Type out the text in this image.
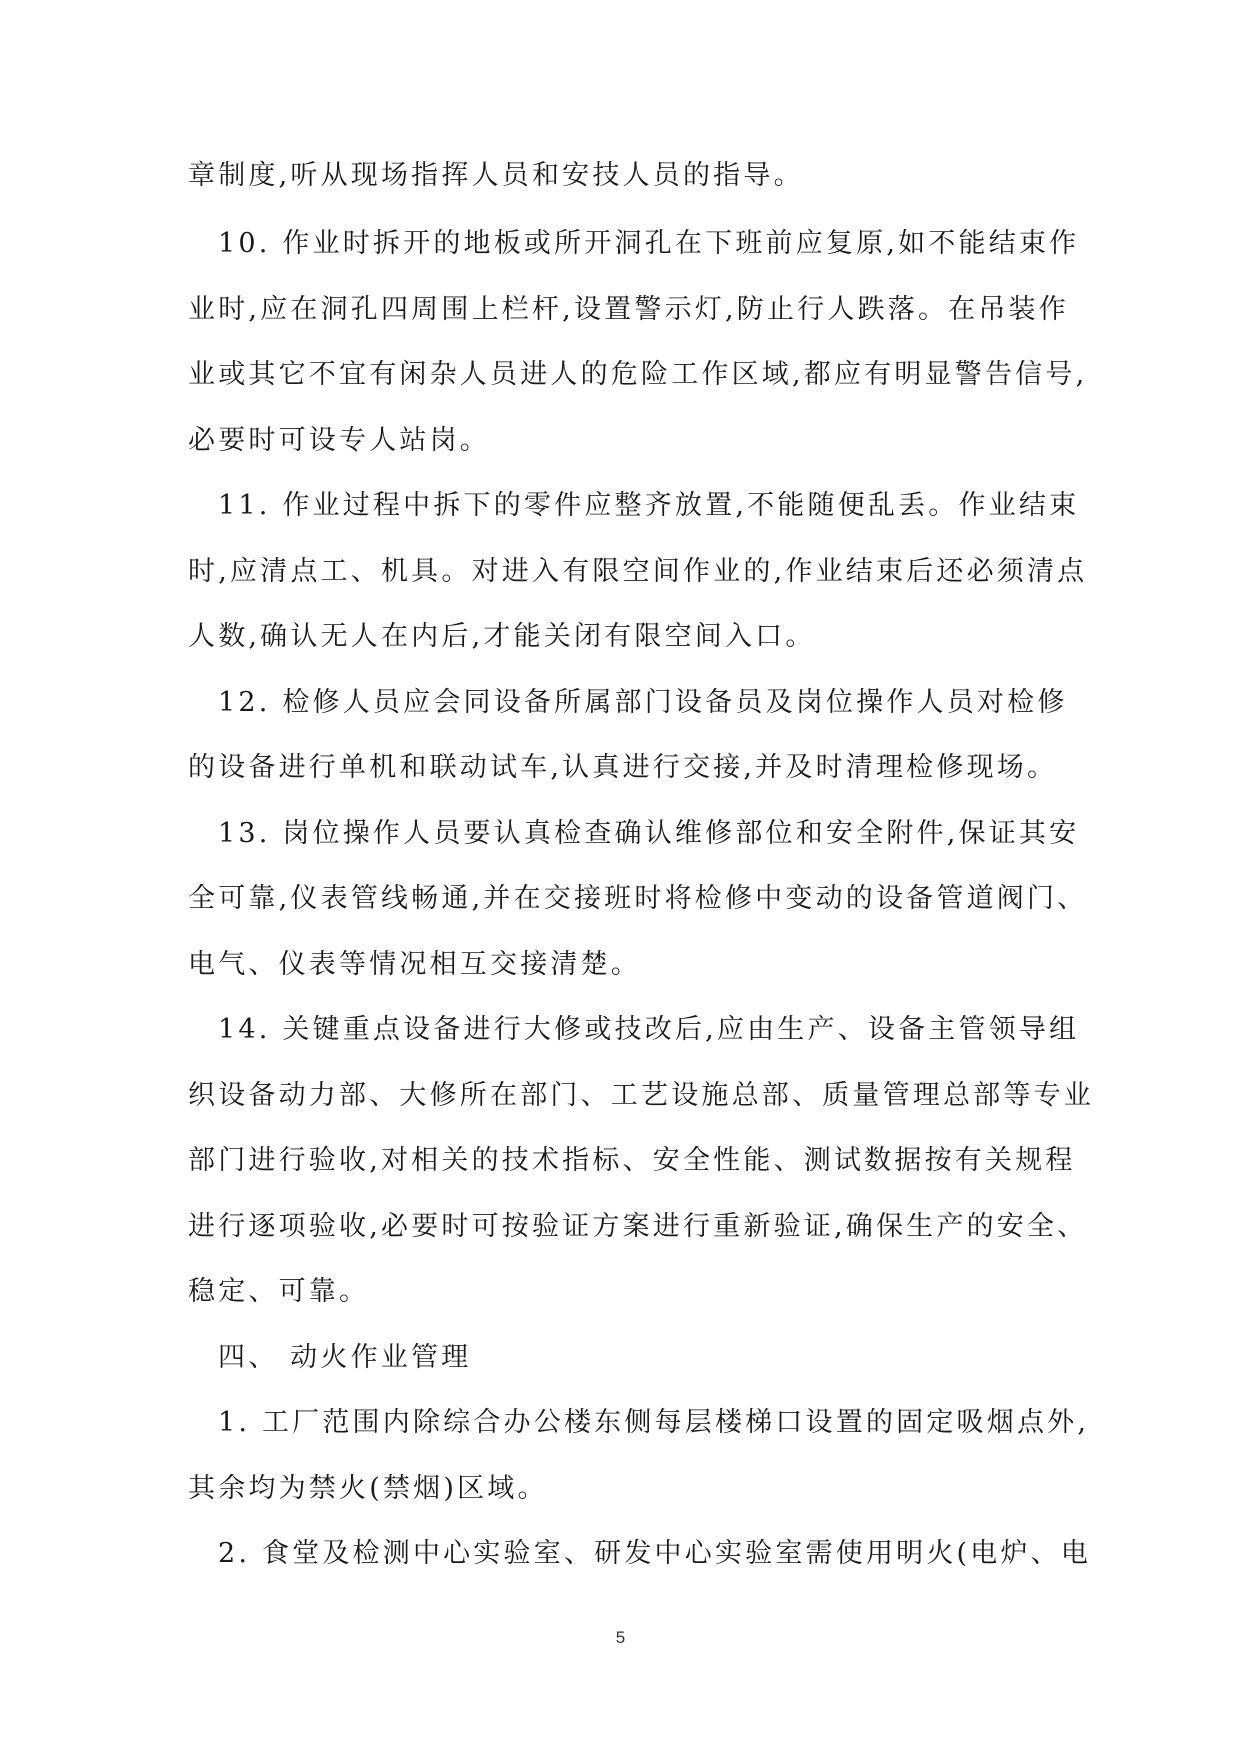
章制度,听从现场指挥人员和安技人员的指导。
10. 作业时拆开的地板或所开洞孔在下班前应复原,如不能结束作
业时,应在洞孔四周围上栏杆,设置警示灯,防止行人跌落。在吊装作
业或其它不宜有闲杂人员进人的危险工作区域,都应有明显警告信号,
必要时可设专人站岗。
11. 作业过程中拆下的零件应整齐放置,不能随便乱丢。作业结束
时,应清点工、机具。对进入有限空间作业的,作业结束后还必须清点
人数,确认无人在内后,才能关闭有限空间入口。
12. 检修人员应会同设备所属部门设备员及岗位操作人员对检修
的设备进行单机和联动试车,认真进行交接,并及时清理检修现场。
13. 岗位操作人员要认真检查确认维修部位和安全附件,保证其安
全可靠,仪表管线畅通,并在交接班时将检修中变动的设备管道阀门、
电气、仪表等情况相互交接清楚。
14. 关键重点设备进行大修或技改后,应由生产、设备主管领导组
织设备动力部、大修所在部门、工艺设施总部、质量管理总部等专业
部门进行验收,对相关的技术指标、安全性能、测试数据按有关规程
进行逐项验收,必要时可按验证方案进行重新验证,确保生产的安全、
稳定、可靠。
四、 动火作业管理
1. 工厂范围内除综合办公楼东侧每层楼梯口设置的固定吸烟点外,
其余均为禁火(禁烟)区域。
2. 食堂及检测中心实验室、研发中心实验室需使用明火(电炉、电
5
